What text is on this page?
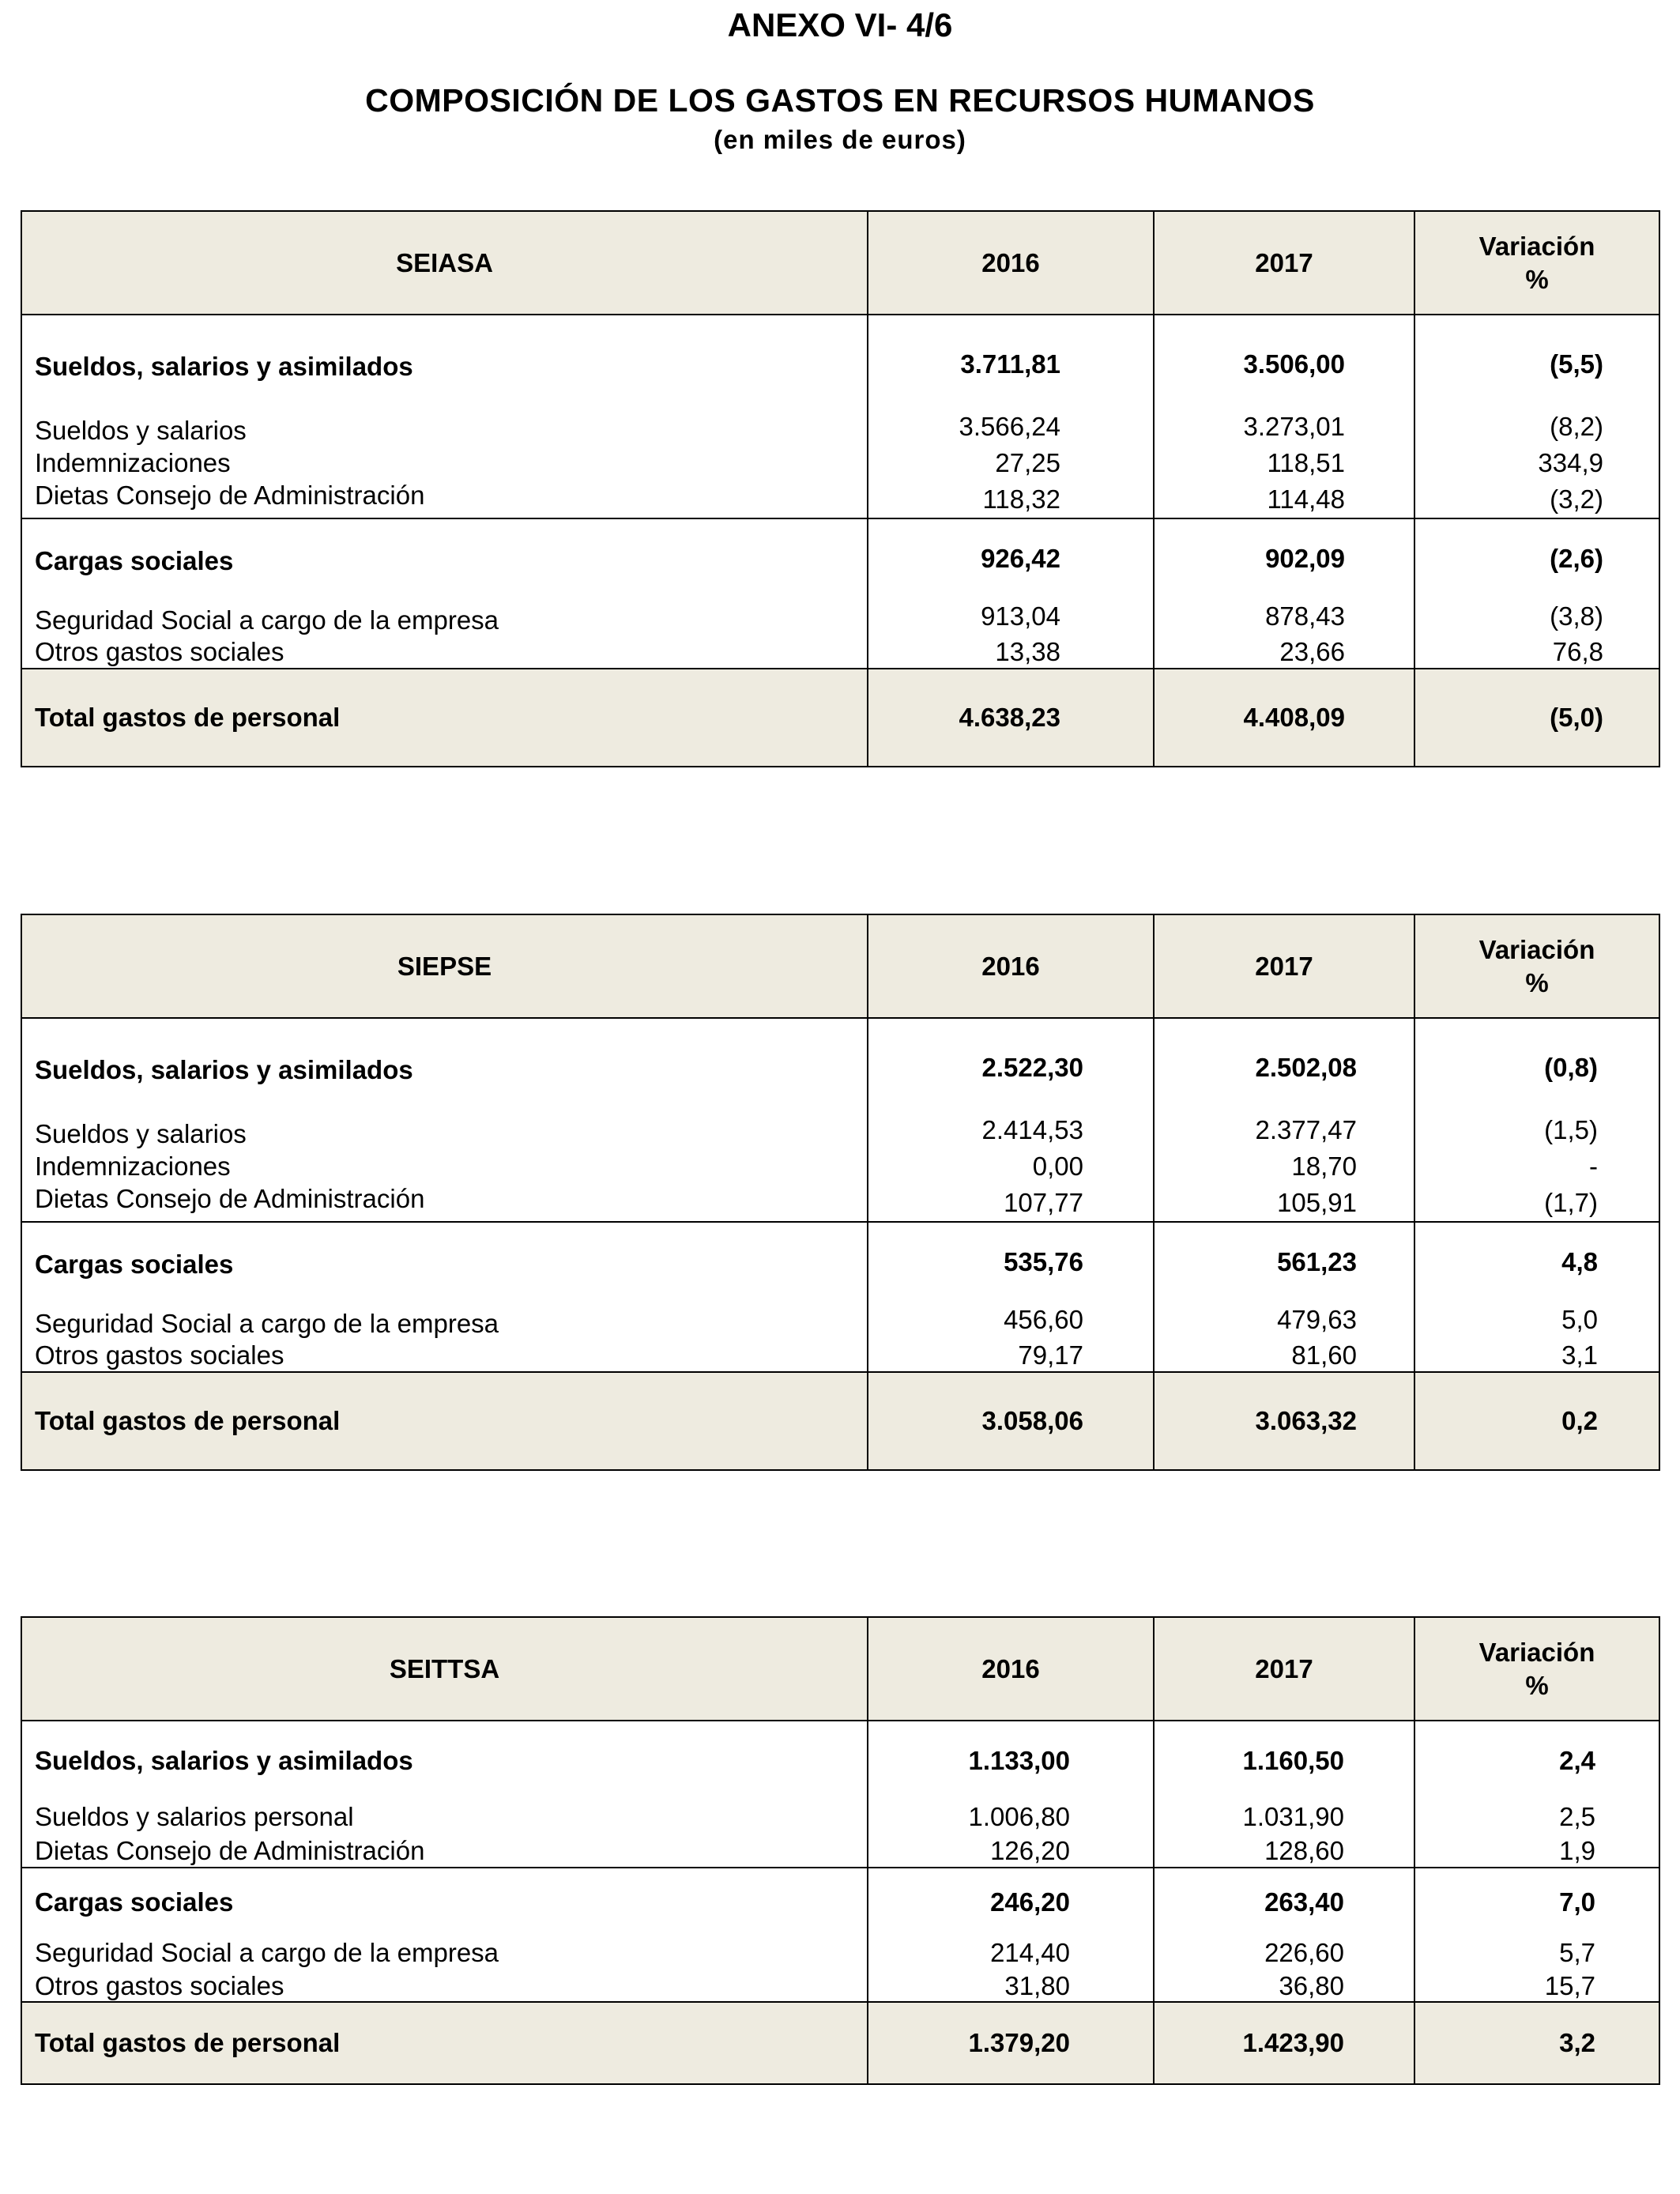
ANEXO VI- 4/6
COMPOSICIÓN DE LOS GASTOS EN RECURSOS HUMANOS
(en miles de euros)
SEIASA	2016	2017	Variación
%
Sueldos, salarios y asimilados	3.711,81	3.506,00	(5,5)
Sueldos y salarios	3.566,24	3.273,01	(8,2)
Indemnizaciones	27,25	118,51	334,9
Dietas Consejo de Administración	118,32	114,48	(3,2)
Cargas sociales	926,42	902,09	(2,6)
Seguridad Social a cargo de la empresa	913,04	878,43	(3,8)
Otros gastos sociales	13,38	23,66	76,8
Total gastos de personal	4.638,23	4.408,09	(5,0)
SIEPSE	2016	2017	Variación
%
Sueldos, salarios y asimilados	2.522,30	2.502,08	(0,8)
Sueldos y salarios	2.414,53	2.377,47	(1,5)
Indemnizaciones	0,00	18,70	-
Dietas Consejo de Administración	107,77	105,91	(1,7)
Cargas sociales	535,76	561,23	4,8
Seguridad Social a cargo de la empresa	456,60	479,63	5,0
Otros gastos sociales	79,17	81,60	3,1
Total gastos de personal	3.058,06	3.063,32	0,2
SEITTSA	2016	2017	Variación
%
Sueldos, salarios y asimilados	1.133,00	1.160,50	2,4
Sueldos y salarios personal	1.006,80	1.031,90	2,5
Dietas Consejo de Administración	126,20	128,60	1,9
Cargas sociales	246,20	263,40	7,0
Seguridad Social a cargo de la empresa	214,40	226,60	5,7
Otros gastos sociales	31,80	36,80	15,7
Total gastos de personal	1.379,20	1.423,90	3,2
